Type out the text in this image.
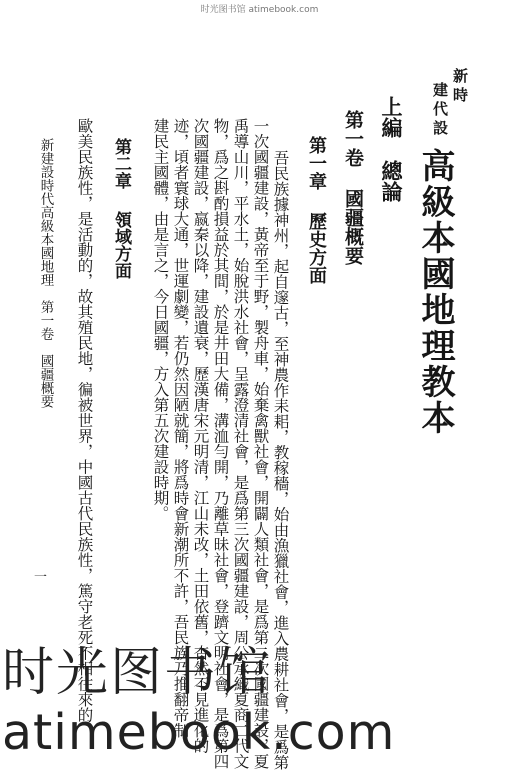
时光图书馆 atimebook.com
新時
建代設
高級本國地理教本
上編總論
第一卷國疆概要
第一章歷史方面
吾民族據神州，起自邃古，至神農作耒耜，教稼穡，始由漁獵社會，進入農耕社會，是爲第
一次國疆建設，黃帝至于野，製舟車，始棄禽獸社會，開闢人類社會，是爲第二次國疆建設，夏
禹導山川，平水土，始脫洪水社會，呈露澄清社會，是爲第三次國疆建設，周公承織夏商二代文
物，爲之斟酌損益於其間，於是井田大備，溝洫勻開，乃離草昧社會，登躋文明社會，是爲第四
次國疆建設，嬴秦以降，建設遺衰，歷漢唐宋元明清，江山未改，土田依舊，杳然不見進化的
迹，頃者寰球大通，世運劇變，若仍然因陋就簡，將爲時會新潮所不許，吾民族乃推翻帝制，
建民主國體，由是言之，今日國疆，方入第五次建設時期。
第二章領域方面
歐美民族性，是活動的，故其殖民地，徧被世界，中國古代民族性，篤守老死不相往來的
新建設時代高級本國地理　第一卷　國疆概要
一
时光图书馆
atimebook.com
